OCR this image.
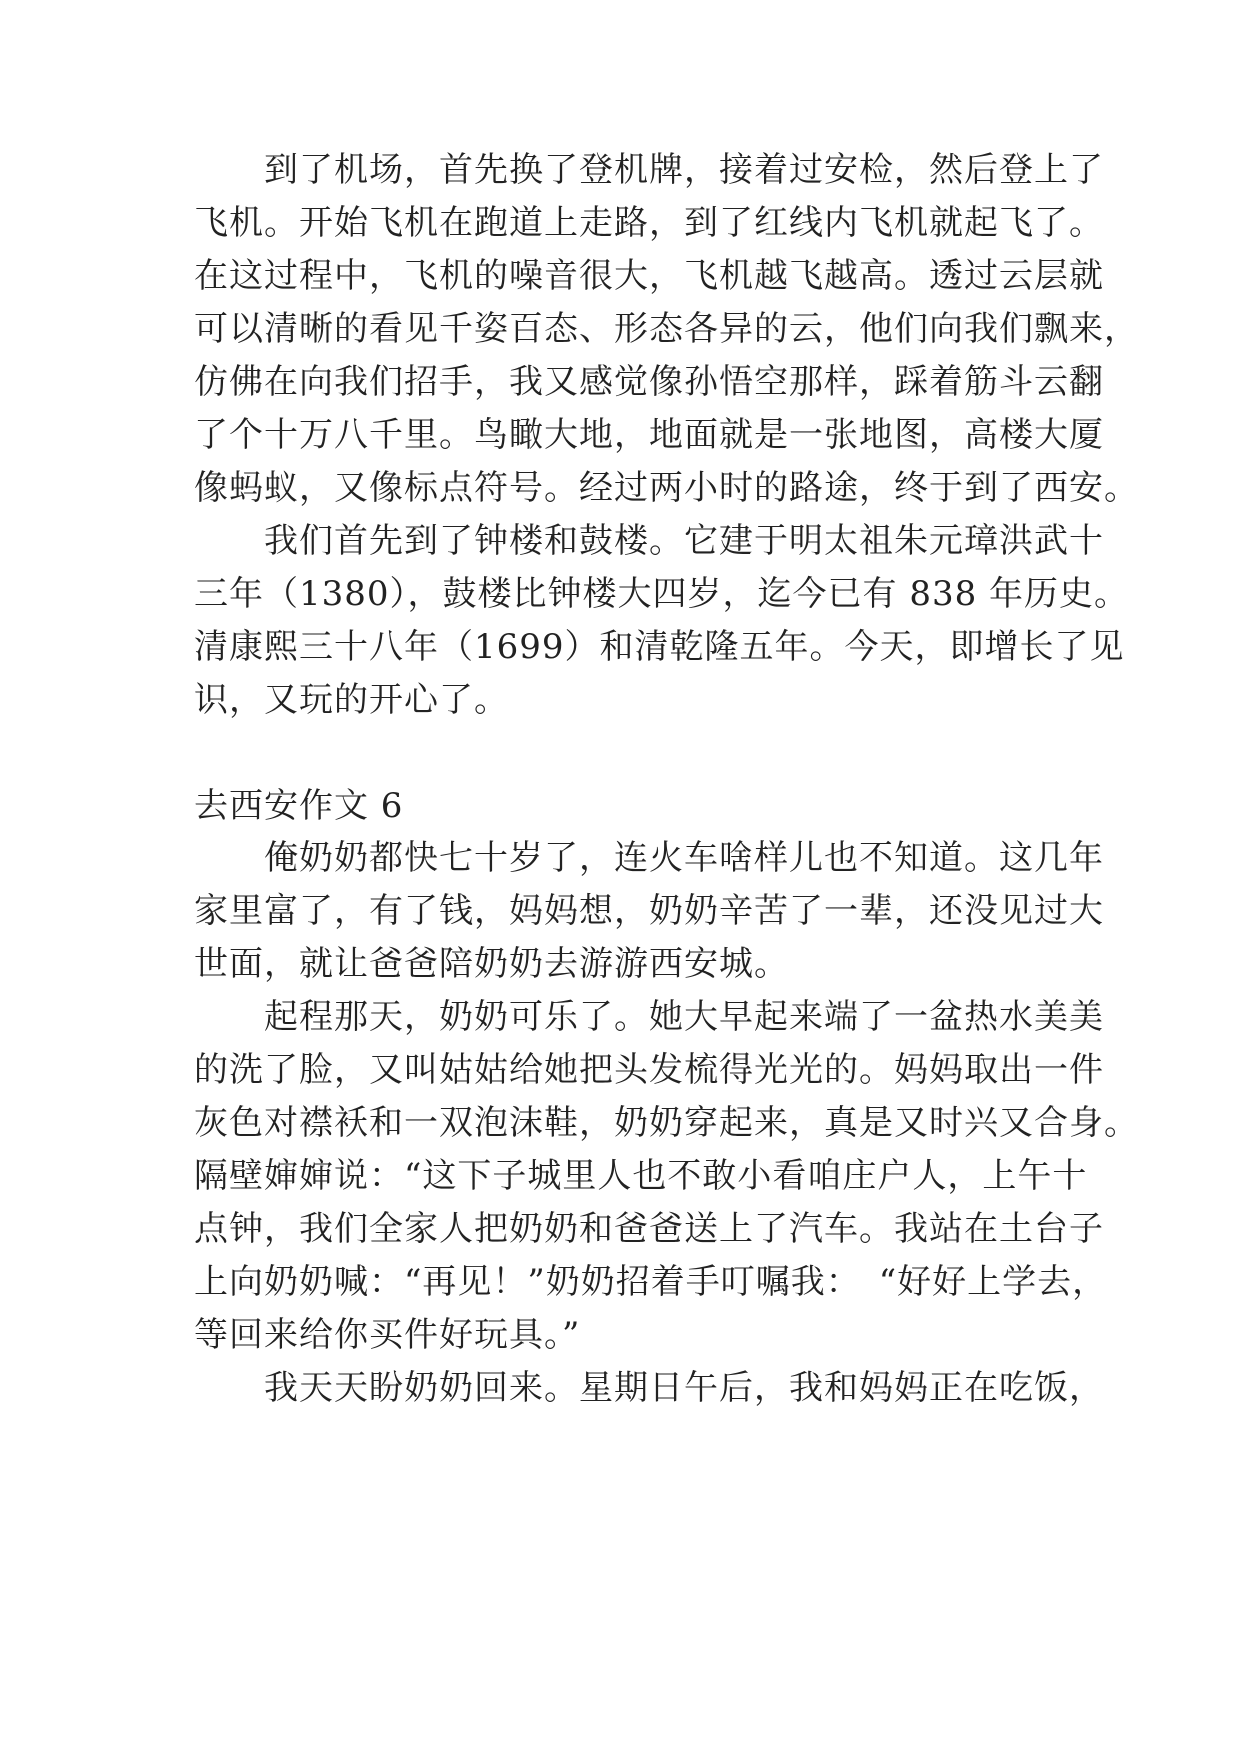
　　到了机场，首先换了登机牌，接着过安检，然后登上了
飞机。开始飞机在跑道上走路，到了红线内飞机就起飞了。
在这过程中，飞机的噪音很大，飞机越飞越高。透过云层就
可以清晰的看见千姿百态、形态各异的云，他们向我们飘来，
仿佛在向我们招手，我又感觉像孙悟空那样，踩着筋斗云翻
了个十万八千里。鸟瞰大地，地面就是一张地图，高楼大厦
像蚂蚁，又像标点符号。经过两小时的路途，终于到了西安。
　　我们首先到了钟楼和鼓楼。它建于明太祖朱元璋洪武十
三年（1380），鼓楼比钟楼大四岁，迄今已有 838 年历史。
清康熙三十八年（1699）和清乾隆五年。今天，即增长了见
识，又玩的开心了。
去西安作文 6
　　俺奶奶都快七十岁了，连火车啥样儿也不知道。这几年
家里富了，有了钱，妈妈想，奶奶辛苦了一辈，还没见过大
世面，就让爸爸陪奶奶去游游西安城。
　　起程那天，奶奶可乐了。她大早起来端了一盆热水美美
的洗了脸，又叫姑姑给她把头发梳得光光的。妈妈取出一件
灰色对襟袄和一双泡沫鞋，奶奶穿起来，真是又时兴又合身。
隔壁婶婶说：“这下子城里人也不敢小看咱庄户人，上午十
点钟，我们全家人把奶奶和爸爸送上了汽车。我站在土台子
上向奶奶喊：“再见！”奶奶招着手叮嘱我：　“好好上学去，
等回来给你买件好玩具。”
　　我天天盼奶奶回来。星期日午后，我和妈妈正在吃饭，
